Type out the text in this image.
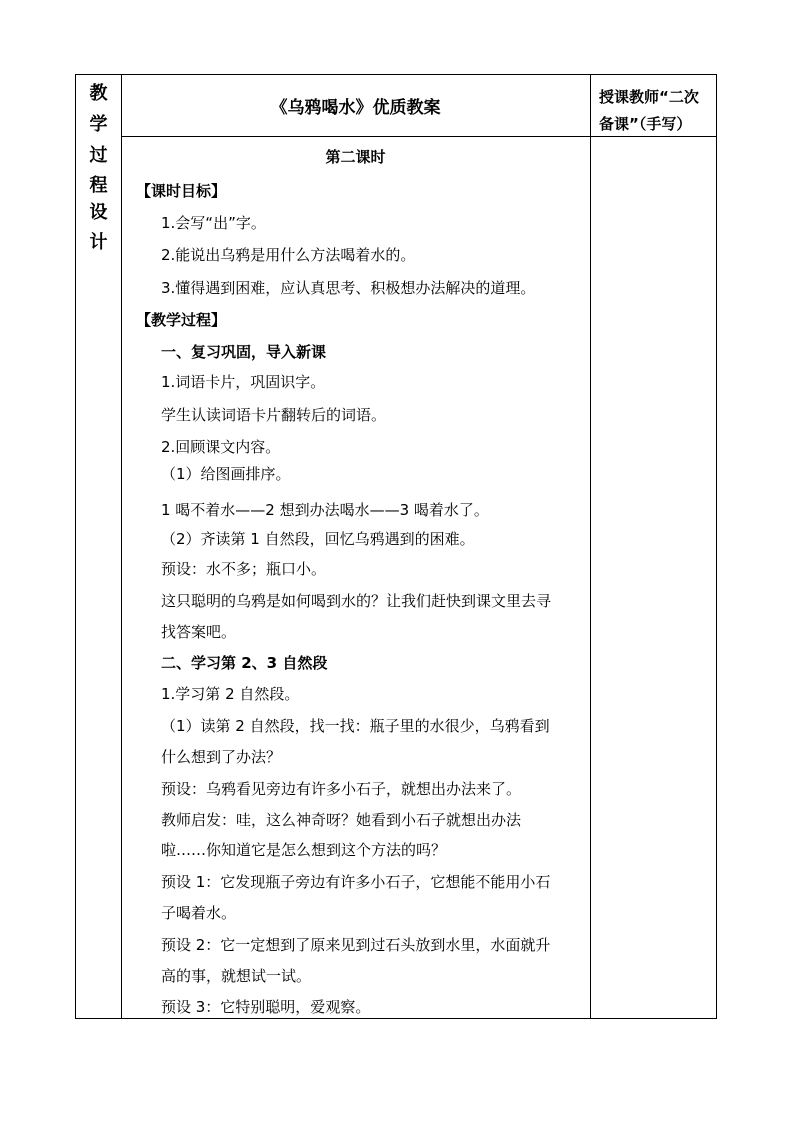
教
学
过
程
设
计
《乌鸦喝水》优质教案
授课教师“二次
备课”（手写）
第二课时
【课时目标】
1.会写“出”字。
2.能说出乌鸦是用什么方法喝着水的。
3.懂得遇到困难，应认真思考、积极想办法解决的道理。
【教学过程】
一、复习巩固，导入新课
1.词语卡片，巩固识字。
学生认读词语卡片翻转后的词语。
2.回顾课文内容。
（1）给图画排序。
1 喝不着水——2 想到办法喝水——3 喝着水了。
（2）齐读第 1 自然段，回忆乌鸦遇到的困难。
预设：水不多；瓶口小。
这只聪明的乌鸦是如何喝到水的？让我们赶快到课文里去寻
找答案吧。
二、学习第 2、3 自然段
1.学习第 2 自然段。
（1）读第 2 自然段，找一找：瓶子里的水很少，乌鸦看到
什么想到了办法？
预设：乌鸦看见旁边有许多小石子，就想出办法来了。
教师启发：哇，这么神奇呀？她看到小石子就想出办法
啦……你知道它是怎么想到这个方法的吗？
预设 1：它发现瓶子旁边有许多小石子，它想能不能用小石
子喝着水。
预设 2：它一定想到了原来见到过石头放到水里，水面就升
高的事，就想试一试。
预设 3：它特别聪明，爱观察。
